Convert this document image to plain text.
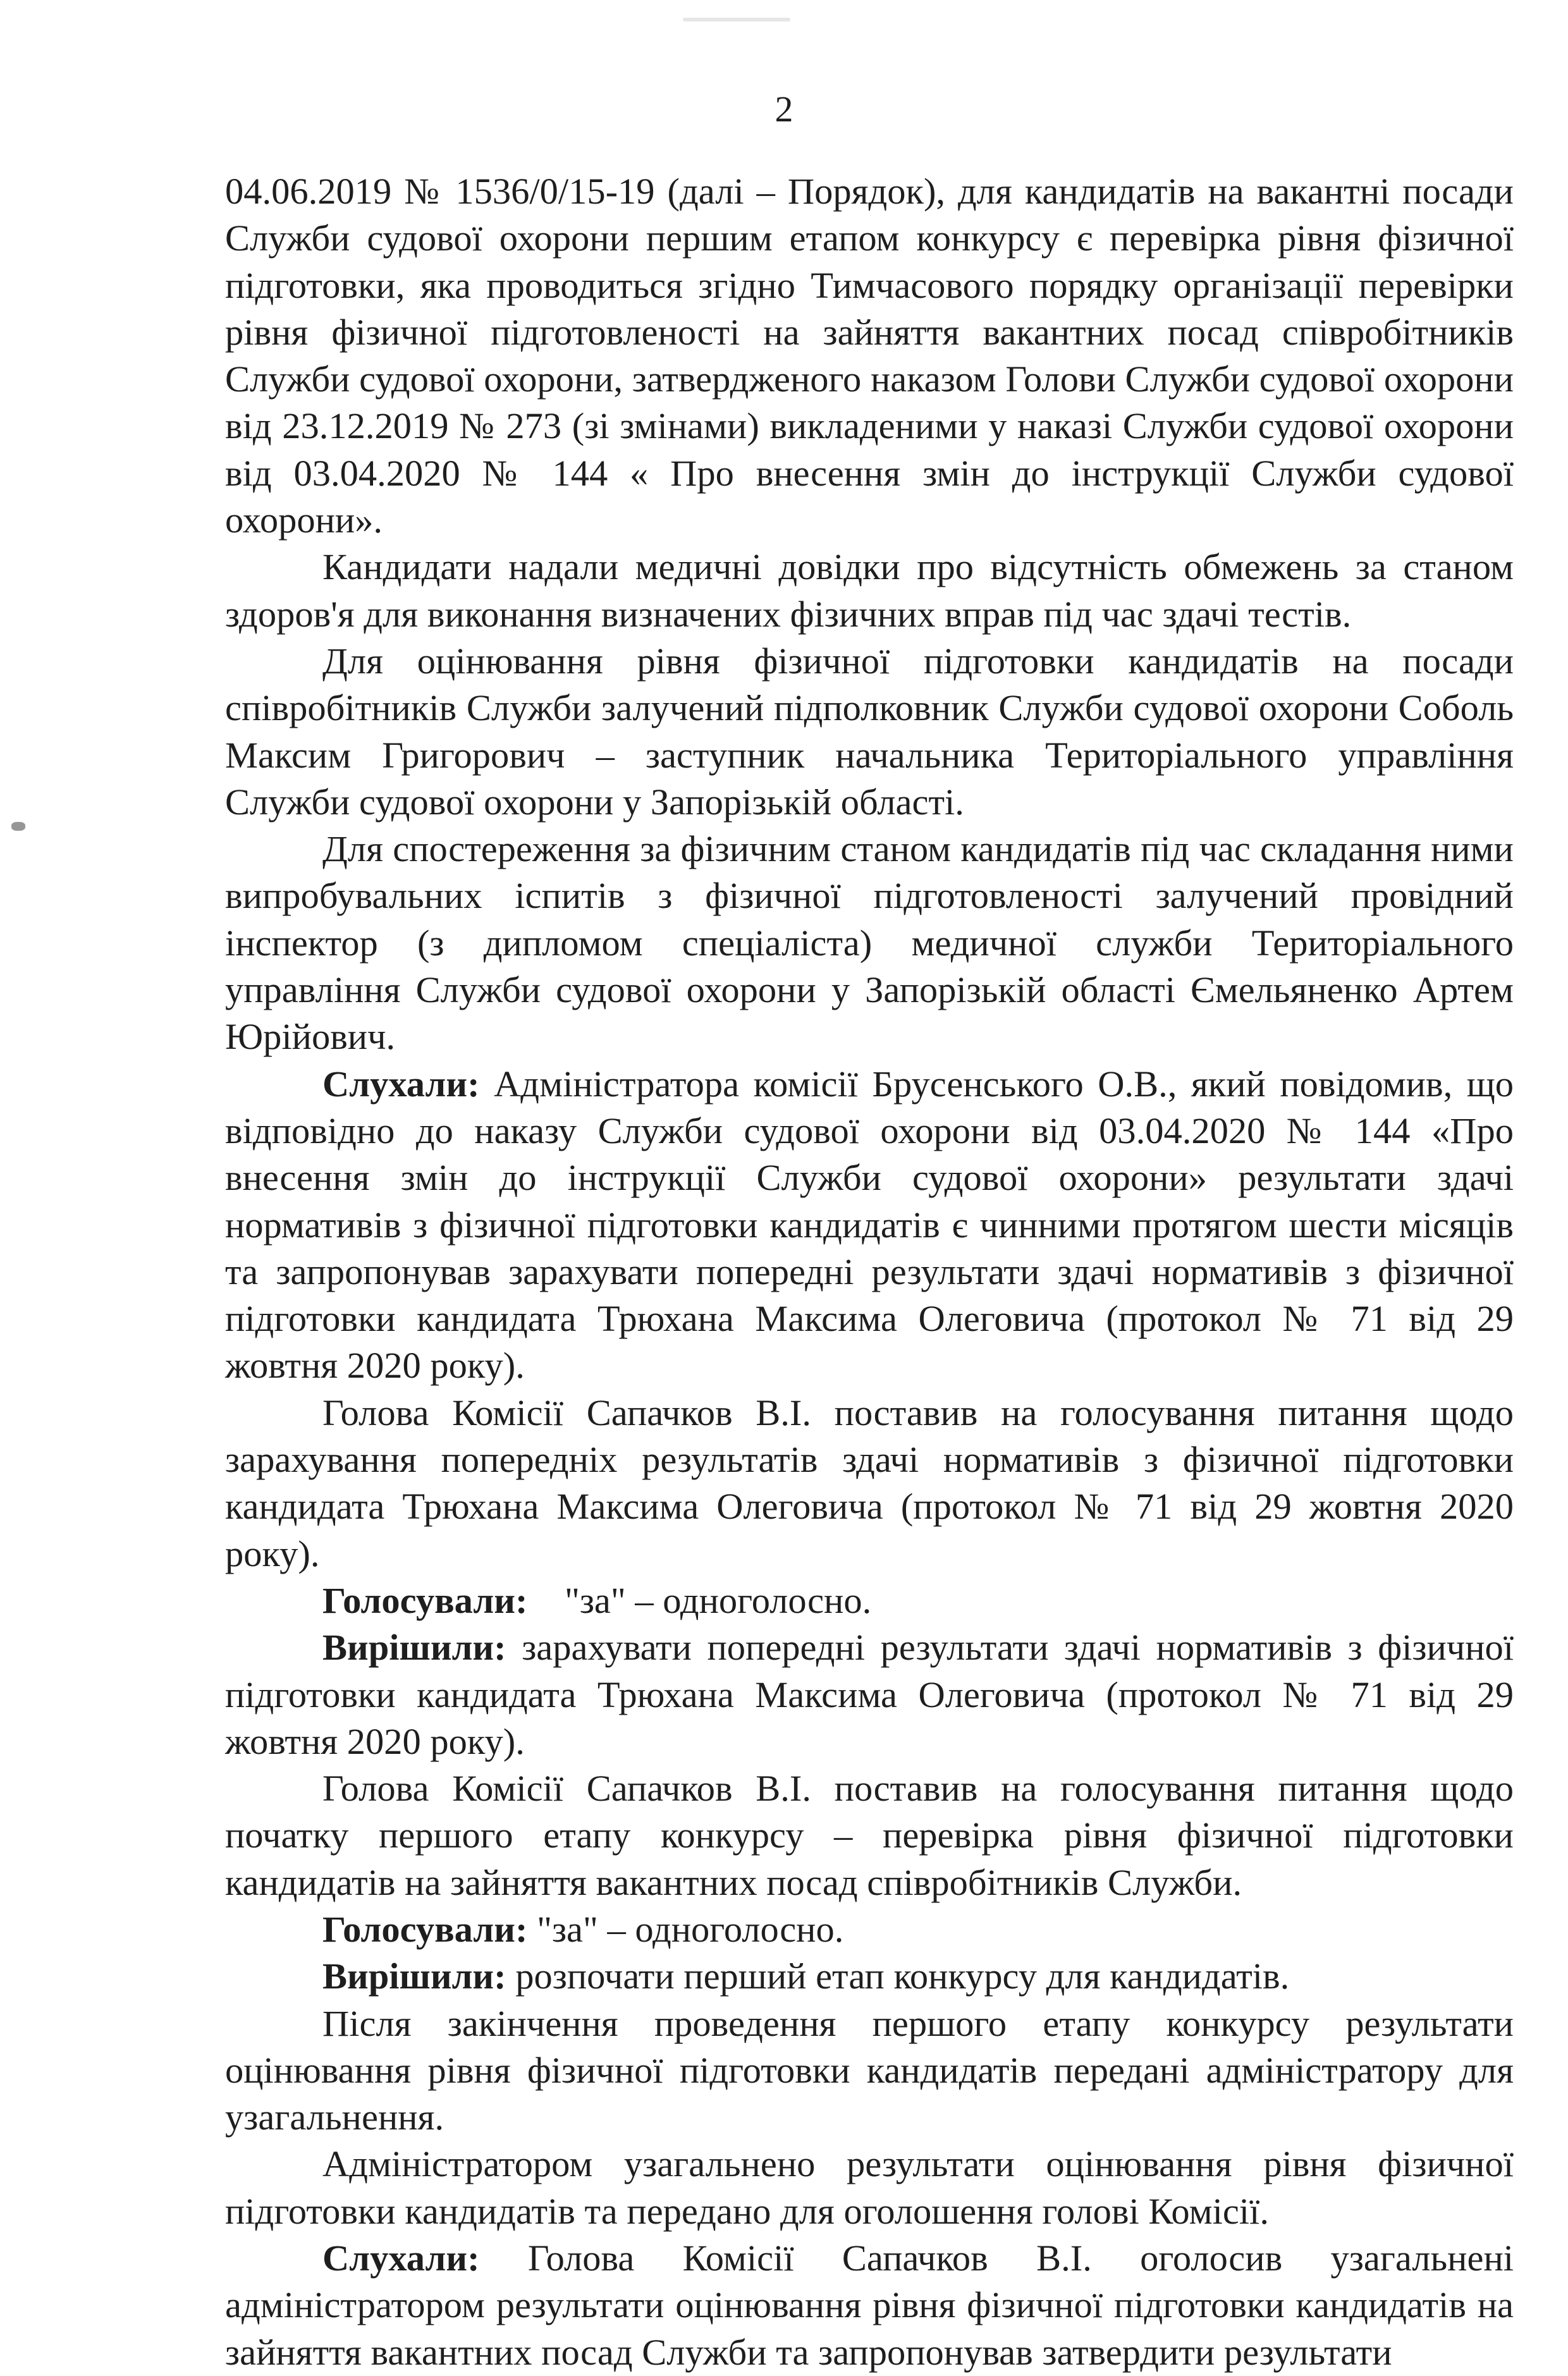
2

04.06.2019 № 1536/0/15-19 (далі – Порядок), для кандидатів на вакантні посади Служби судової охорони першим етапом конкурсу є перевірка рівня фізичної підготовки, яка проводиться згідно Тимчасового порядку організації перевірки рівня фізичної підготовленості на зайняття вакантних посад співробітників Служби судової охорони, затвердженого наказом Голови Служби судової охорони від 23.12.2019 № 273 (зі змінами) викладеними у наказі Служби судової охорони від 03.04.2020 № 144 « Про внесення змін до інструкції Служби судової охорони».

Кандидати надали медичні довідки про відсутність обмежень за станом здоров'я для виконання визначених фізичних вправ під час здачі тестів.

Для оцінювання рівня фізичної підготовки кандидатів на посади співробітників Служби залучений підполковник Служби судової охорони Соболь Максим Григорович – заступник начальника Територіального управління Служби судової охорони у Запорізькій області.

Для спостереження за фізичним станом кандидатів під час складання ними випробувальних іспитів з фізичної підготовленості залучений провідний інспектор (з дипломом спеціаліста) медичної служби Територіального управління Служби судової охорони у Запорізькій області Ємельяненко Артем Юрійович.

Слухали: Адміністратора комісії Брусенського О.В., який повідомив, що відповідно до наказу Служби судової охорони від 03.04.2020 № 144 «Про внесення змін до інструкції Служби судової охорони» результати здачі нормативів з фізичної підготовки кандидатів є чинними протягом шести місяців та запропонував зарахувати попередні результати здачі нормативів з фізичної підготовки кандидата Трюхана Максима Олеговича (протокол № 71 від 29 жовтня 2020 року).

Голова Комісії Сапачков В.І. поставив на голосування питання щодо зарахування попередніх результатів здачі нормативів з фізичної підготовки кандидата Трюхана Максима Олеговича (протокол № 71 від 29 жовтня 2020 року).

Голосували:    "за" – одноголосно.

Вирішили: зарахувати попередні результати здачі нормативів з фізичної підготовки кандидата Трюхана Максима Олеговича (протокол № 71 від 29 жовтня 2020 року).

Голова Комісії Сапачков В.І. поставив на голосування питання щодо початку першого етапу конкурсу – перевірка рівня фізичної підготовки кандидатів на зайняття вакантних посад співробітників Служби.

Голосували: "за" – одноголосно.

Вирішили: розпочати перший етап конкурсу для кандидатів.

Після закінчення проведення першого етапу конкурсу результати оцінювання рівня фізичної підготовки кандидатів передані адміністратору для узагальнення.

Адміністратором узагальнено результати оцінювання рівня фізичної підготовки кандидатів та передано для оголошення голові Комісії.

Слухали: Голова Комісії Сапачков В.І. оголосив узагальнені адміністратором результати оцінювання рівня фізичної підготовки кандидатів на зайняття вакантних посад Служби та запропонував затвердити результати
